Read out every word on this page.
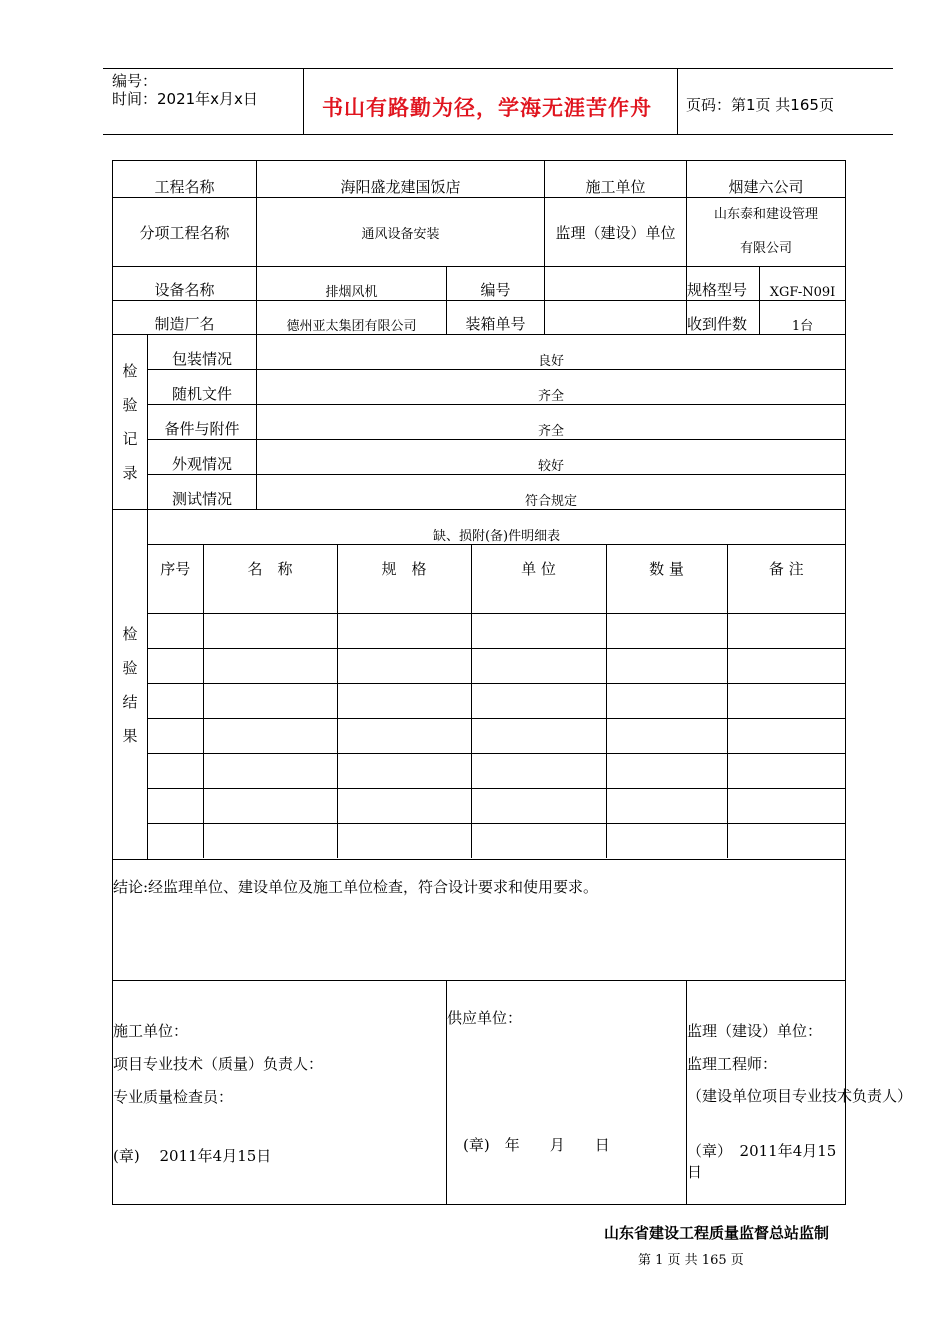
编号：
时间：2021年x月x日	书山有路勤为径，学海无涯苦作舟 页码：第1页 共165页
工程名称	海阳盛龙建国饭店	施工单位	烟建六公司
分项工程名称	通风设备安装	监理（建设）单位	
山东泰和建设管理
有限公司

设备名称	排烟风机	编号		规格型号	XGF-N09I
制造厂名	德州亚太集团有限公司	装箱单号		收到件数	1台

检
验
记
录
	包装情况	良好
随机文件	齐全
备件与附件	齐全
外观情况	较好
测试情况	符合规定

检
验
结
果

缺、损附(备)件明细表
序号	名　称	规　格	单 位	数 量	备 注

结论:经监理单位、建设单位及施工单位检查，符合设计要求和使用要求。

施工单位：
项目专业技术（质量）负责人：
专业质量检查员：
(章)　 2011年4月15日

供应单位：
(章)　年　　月　　日

监理（建设）单位：
监理工程师：
（建设单位项目专业技术负责人）
（章）　2011年4月15日
山东省建设工程质量监督总站监制
第 1 页 共 165 页
